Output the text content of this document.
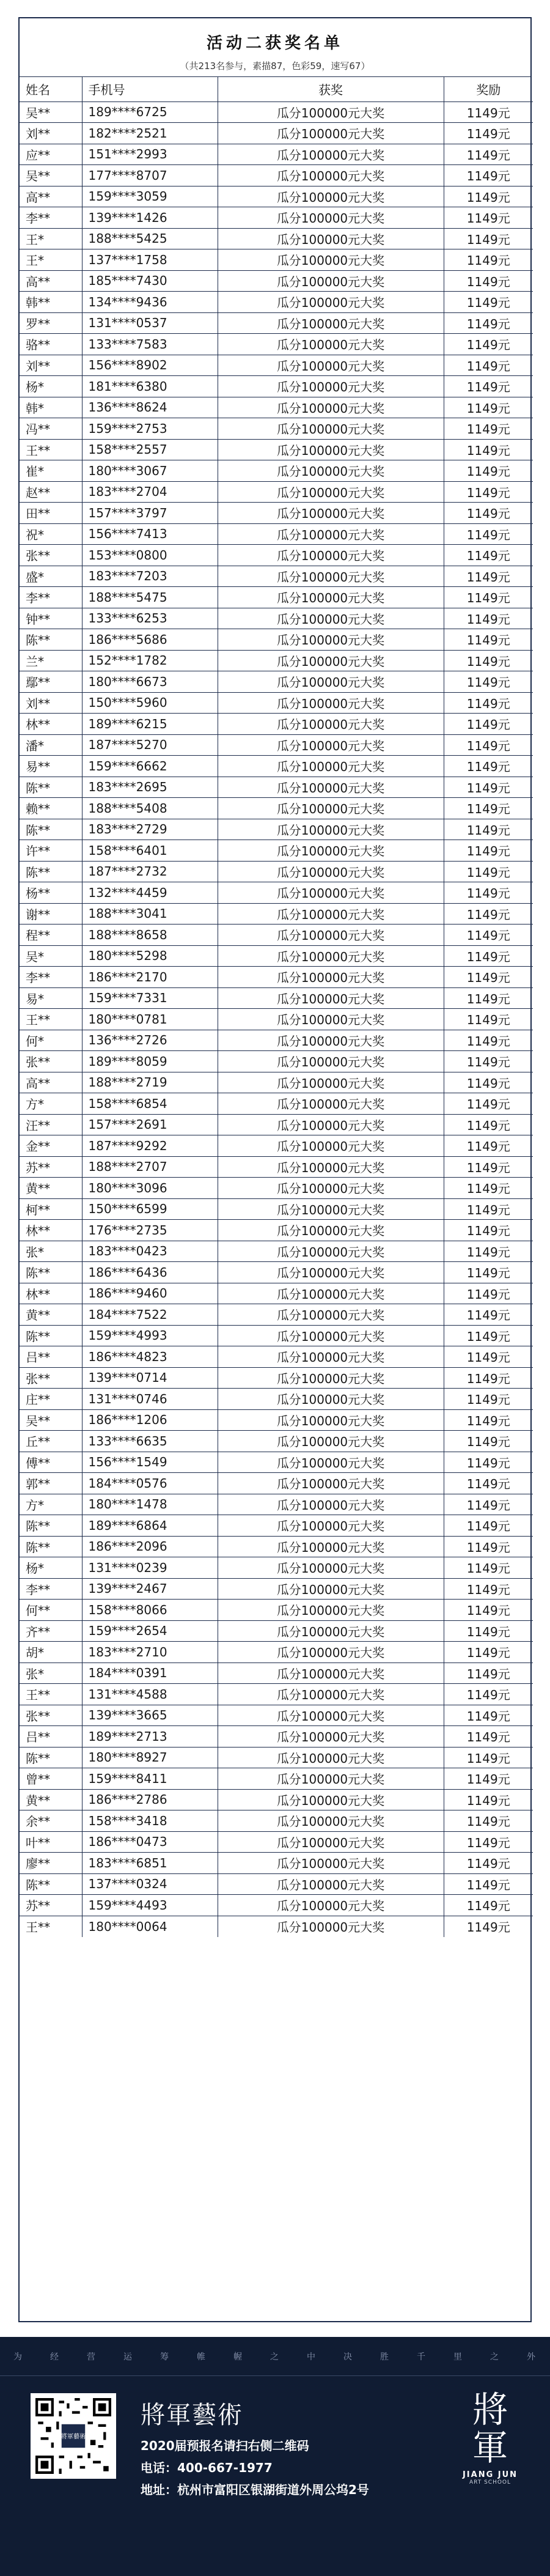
活动二获奖名单
（共213名参与，素描87，色彩59，速写67）
姓名	手机号	获奖	奖励
吴**	189****6725	瓜分100000元大奖	1149元
刘**	182****2521	瓜分100000元大奖	1149元
应**	151****2993	瓜分100000元大奖	1149元
吴**	177****8707	瓜分100000元大奖	1149元
高**	159****3059	瓜分100000元大奖	1149元
李**	139****1426	瓜分100000元大奖	1149元
王*	188****5425	瓜分100000元大奖	1149元
王*	137****1758	瓜分100000元大奖	1149元
高**	185****7430	瓜分100000元大奖	1149元
韩**	134****9436	瓜分100000元大奖	1149元
罗**	131****0537	瓜分100000元大奖	1149元
骆**	133****7583	瓜分100000元大奖	1149元
刘**	156****8902	瓜分100000元大奖	1149元
杨*	181****6380	瓜分100000元大奖	1149元
韩*	136****8624	瓜分100000元大奖	1149元
冯**	159****2753	瓜分100000元大奖	1149元
王**	158****2557	瓜分100000元大奖	1149元
崔*	180****3067	瓜分100000元大奖	1149元
赵**	183****2704	瓜分100000元大奖	1149元
田**	157****3797	瓜分100000元大奖	1149元
祝*	156****7413	瓜分100000元大奖	1149元
张**	153****0800	瓜分100000元大奖	1149元
盛*	183****7203	瓜分100000元大奖	1149元
李**	188****5475	瓜分100000元大奖	1149元
钟**	133****6253	瓜分100000元大奖	1149元
陈**	186****5686	瓜分100000元大奖	1149元
兰*	152****1782	瓜分100000元大奖	1149元
鄢**	180****6673	瓜分100000元大奖	1149元
刘**	150****5960	瓜分100000元大奖	1149元
林**	189****6215	瓜分100000元大奖	1149元
潘*	187****5270	瓜分100000元大奖	1149元
易**	159****6662	瓜分100000元大奖	1149元
陈**	183****2695	瓜分100000元大奖	1149元
赖**	188****5408	瓜分100000元大奖	1149元
陈**	183****2729	瓜分100000元大奖	1149元
许**	158****6401	瓜分100000元大奖	1149元
陈**	187****2732	瓜分100000元大奖	1149元
杨**	132****4459	瓜分100000元大奖	1149元
谢**	188****3041	瓜分100000元大奖	1149元
程**	188****8658	瓜分100000元大奖	1149元
吴*	180****5298	瓜分100000元大奖	1149元
李**	186****2170	瓜分100000元大奖	1149元
易*	159****7331	瓜分100000元大奖	1149元
王**	180****0781	瓜分100000元大奖	1149元
何*	136****2726	瓜分100000元大奖	1149元
张**	189****8059	瓜分100000元大奖	1149元
高**	188****2719	瓜分100000元大奖	1149元
方*	158****6854	瓜分100000元大奖	1149元
汪**	157****2691	瓜分100000元大奖	1149元
金**	187****9292	瓜分100000元大奖	1149元
苏**	188****2707	瓜分100000元大奖	1149元
黄**	180****3096	瓜分100000元大奖	1149元
柯**	150****6599	瓜分100000元大奖	1149元
林**	176****2735	瓜分100000元大奖	1149元
张*	183****0423	瓜分100000元大奖	1149元
陈**	186****6436	瓜分100000元大奖	1149元
林**	186****9460	瓜分100000元大奖	1149元
黄**	184****7522	瓜分100000元大奖	1149元
陈**	159****4993	瓜分100000元大奖	1149元
吕**	186****4823	瓜分100000元大奖	1149元
张**	139****0714	瓜分100000元大奖	1149元
庄**	131****0746	瓜分100000元大奖	1149元
吴**	186****1206	瓜分100000元大奖	1149元
丘**	133****6635	瓜分100000元大奖	1149元
傅**	156****1549	瓜分100000元大奖	1149元
郭**	184****0576	瓜分100000元大奖	1149元
方*	180****1478	瓜分100000元大奖	1149元
陈**	189****6864	瓜分100000元大奖	1149元
陈**	186****2096	瓜分100000元大奖	1149元
杨*	131****0239	瓜分100000元大奖	1149元
李**	139****2467	瓜分100000元大奖	1149元
何**	158****8066	瓜分100000元大奖	1149元
齐**	159****2654	瓜分100000元大奖	1149元
胡*	183****2710	瓜分100000元大奖	1149元
张*	184****0391	瓜分100000元大奖	1149元
王**	131****4588	瓜分100000元大奖	1149元
张**	139****3665	瓜分100000元大奖	1149元
吕**	189****2713	瓜分100000元大奖	1149元
陈**	180****8927	瓜分100000元大奖	1149元
曾**	159****8411	瓜分100000元大奖	1149元
黄**	186****2786	瓜分100000元大奖	1149元
余**	158****3418	瓜分100000元大奖	1149元
叶**	186****0473	瓜分100000元大奖	1149元
廖**	183****6851	瓜分100000元大奖	1149元
陈**	137****0324	瓜分100000元大奖	1149元
苏**	159****4493	瓜分100000元大奖	1149元
王**	180****0064	瓜分100000元大奖	1149元
为	经	营	运	筹	帷	幄	之	中	决	胜	千	里	之	外
將軍藝術
將軍藝術
2020届预报名请扫右侧二维码
电话：400-667-1977
地址：杭州市富阳区银湖街道外周公坞2号
將
軍
JIANG JUN
ART SCHOOL
